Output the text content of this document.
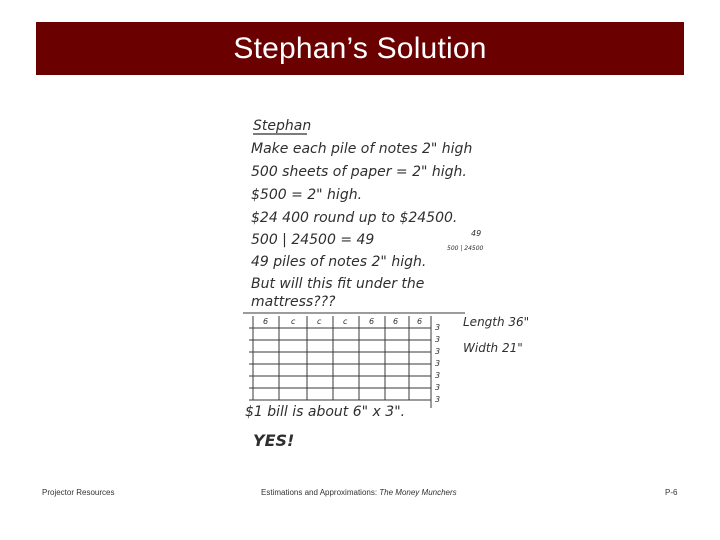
Stephan’s Solution
Stephan
Make each pile of notes 2" high
500 sheets of paper = 2" high.
$500 = 2" high.
$24 400 round up to $24500.
500 | 24500 = 49
49 piles of notes 2" high.
But will this fit under the
mattress???
49
500 | 24500
6	c	c	c	6 6 6
3
3
3
3
3
3
3
Length 36"
Width 21"
$1 bill is about 6" x 3".
YES!
Projector Resources	Estimations and Approximations: The Money Munchers	P-6
